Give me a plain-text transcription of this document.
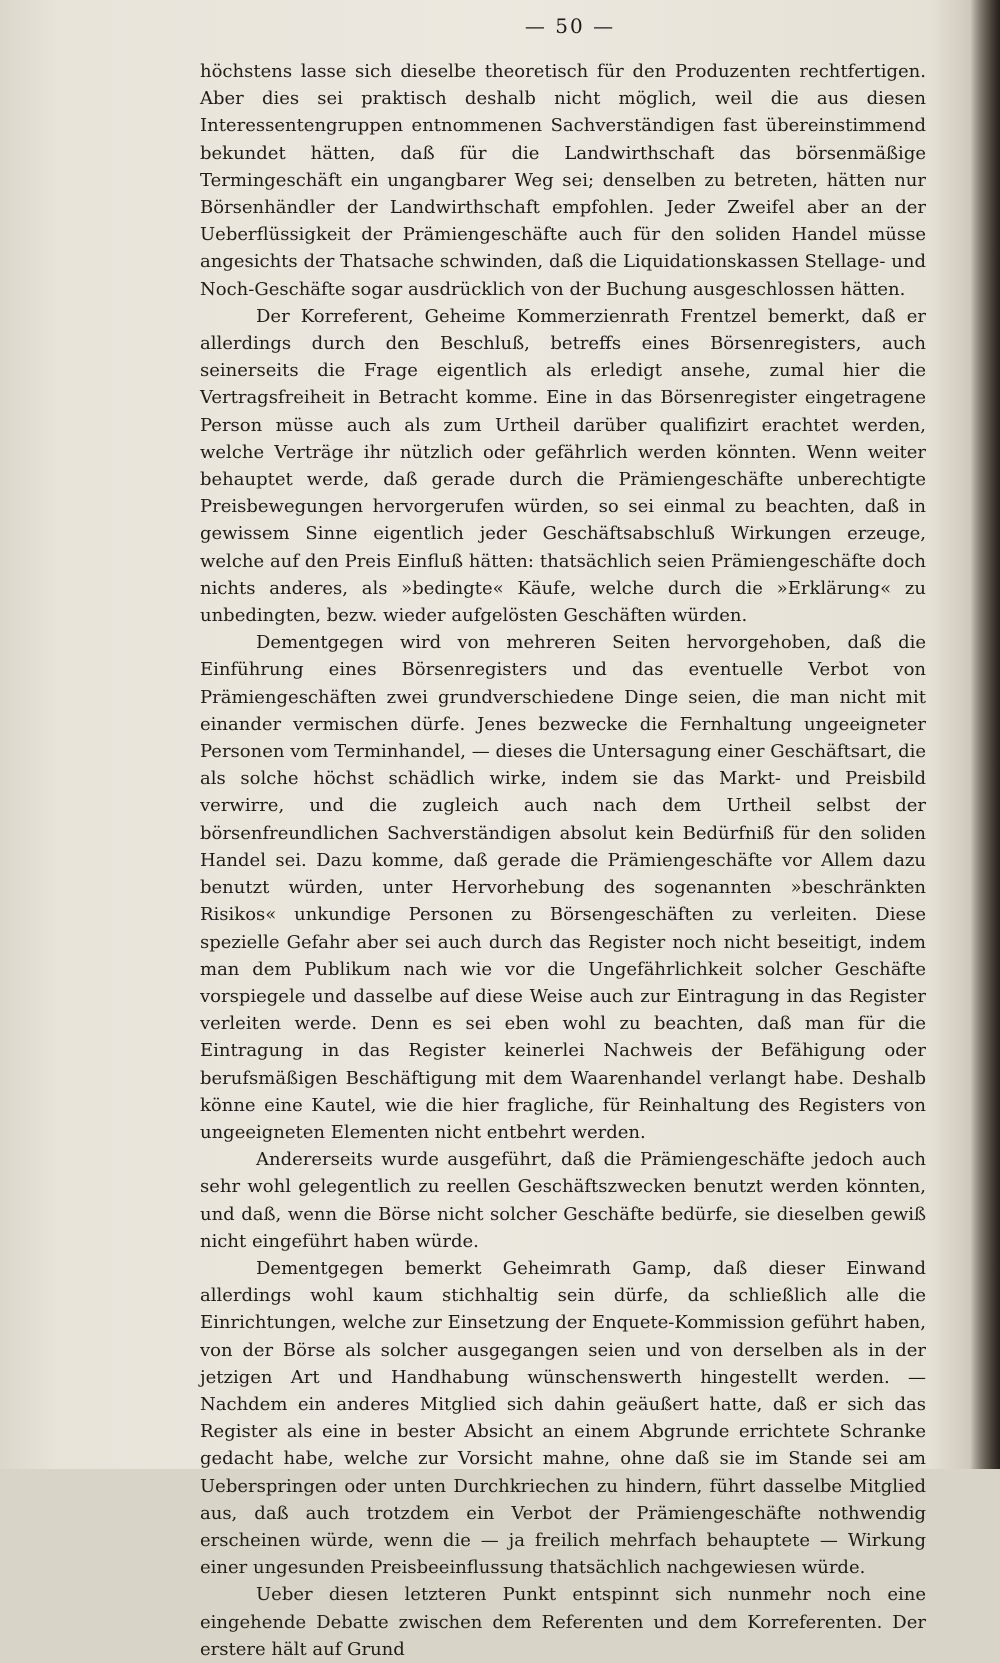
— 50 —

höchstens lasse sich dieselbe theoretisch für den Produzenten rechtfertigen. Aber dies sei praktisch deshalb nicht möglich, weil die aus diesen Interessentengruppen entnommenen Sachverständigen fast übereinstimmend bekundet hätten, daß für die Landwirthschaft das börsenmäßige Termingeschäft ein ungangbarer Weg sei; denselben zu betreten, hätten nur Börsenhändler der Landwirthschaft empfohlen. Jeder Zweifel aber an der Ueberflüssigkeit der Prämiengeschäfte auch für den soliden Handel müsse angesichts der Thatsache schwinden, daß die Liquidationskassen Stellage- und Noch-Geschäfte sogar ausdrücklich von der Buchung ausgeschlossen hätten.

Der Korreferent, Geheime Kommerzienrath Frentzel bemerkt, daß er allerdings durch den Beschluß, betreffs eines Börsenregisters, auch seinerseits die Frage eigentlich als erledigt ansehe, zumal hier die Vertragsfreiheit in Betracht komme. Eine in das Börsenregister eingetragene Person müsse auch als zum Urtheil darüber qualifizirt erachtet werden, welche Verträge ihr nützlich oder gefährlich werden könnten. Wenn weiter behauptet werde, daß gerade durch die Prämiengeschäfte unberechtigte Preisbewegungen hervorgerufen würden, so sei einmal zu beachten, daß in gewissem Sinne eigentlich jeder Geschäftsabschluß Wirkungen erzeuge, welche auf den Preis Einfluß hätten: thatsächlich seien Prämiengeschäfte doch nichts anderes, als »bedingte« Käufe, welche durch die »Erklärung« zu unbedingten, bezw. wieder aufgelösten Geschäften würden.

Dementgegen wird von mehreren Seiten hervorgehoben, daß die Einführung eines Börsenregisters und das eventuelle Verbot von Prämiengeschäften zwei grundverschiedene Dinge seien, die man nicht mit einander vermischen dürfe. Jenes bezwecke die Fernhaltung ungeeigneter Personen vom Terminhandel, — dieses die Untersagung einer Geschäftsart, die als solche höchst schädlich wirke, indem sie das Markt- und Preisbild verwirre, und die zugleich auch nach dem Urtheil selbst der börsenfreundlichen Sachverständigen absolut kein Bedürfniß für den soliden Handel sei. Dazu komme, daß gerade die Prämiengeschäfte vor Allem dazu benutzt würden, unter Hervorhebung des sogenannten »beschränkten Risikos« unkundige Personen zu Börsengeschäften zu verleiten. Diese spezielle Gefahr aber sei auch durch das Register noch nicht beseitigt, indem man dem Publikum nach wie vor die Ungefährlichkeit solcher Geschäfte vorspiegele und dasselbe auf diese Weise auch zur Eintragung in das Register verleiten werde. Denn es sei eben wohl zu beachten, daß man für die Eintragung in das Register keinerlei Nachweis der Befähigung oder berufsmäßigen Beschäftigung mit dem Waarenhandel verlangt habe. Deshalb könne eine Kautel, wie die hier fragliche, für Reinhaltung des Registers von ungeeigneten Elementen nicht entbehrt werden.

Andererseits wurde ausgeführt, daß die Prämiengeschäfte jedoch auch sehr wohl gelegentlich zu reellen Geschäftszwecken benutzt werden könnten, und daß, wenn die Börse nicht solcher Geschäfte bedürfe, sie dieselben gewiß nicht eingeführt haben würde.

Dementgegen bemerkt Geheimrath Gamp, daß dieser Einwand allerdings wohl kaum stichhaltig sein dürfe, da schließlich alle die Einrichtungen, welche zur Einsetzung der Enquete-Kommission geführt haben, von der Börse als solcher ausgegangen seien und von derselben als in der jetzigen Art und Handhabung wünschenswerth hingestellt werden. — Nachdem ein anderes Mitglied sich dahin geäußert hatte, daß er sich das Register als eine in bester Absicht an einem Abgrunde errichtete Schranke gedacht habe, welche zur Vorsicht mahne, ohne daß sie im Stande sei am Ueberspringen oder unten Durchkriechen zu hindern, führt dasselbe Mitglied aus, daß auch trotzdem ein Verbot der Prämiengeschäfte nothwendig erscheinen würde, wenn die — ja freilich mehrfach behauptete — Wirkung einer ungesunden Preisbeeinflussung thatsächlich nachgewiesen würde.

Ueber diesen letzteren Punkt entspinnt sich nunmehr noch eine eingehende Debatte zwischen dem Referenten und dem Korreferenten. Der erstere hält auf Grund
